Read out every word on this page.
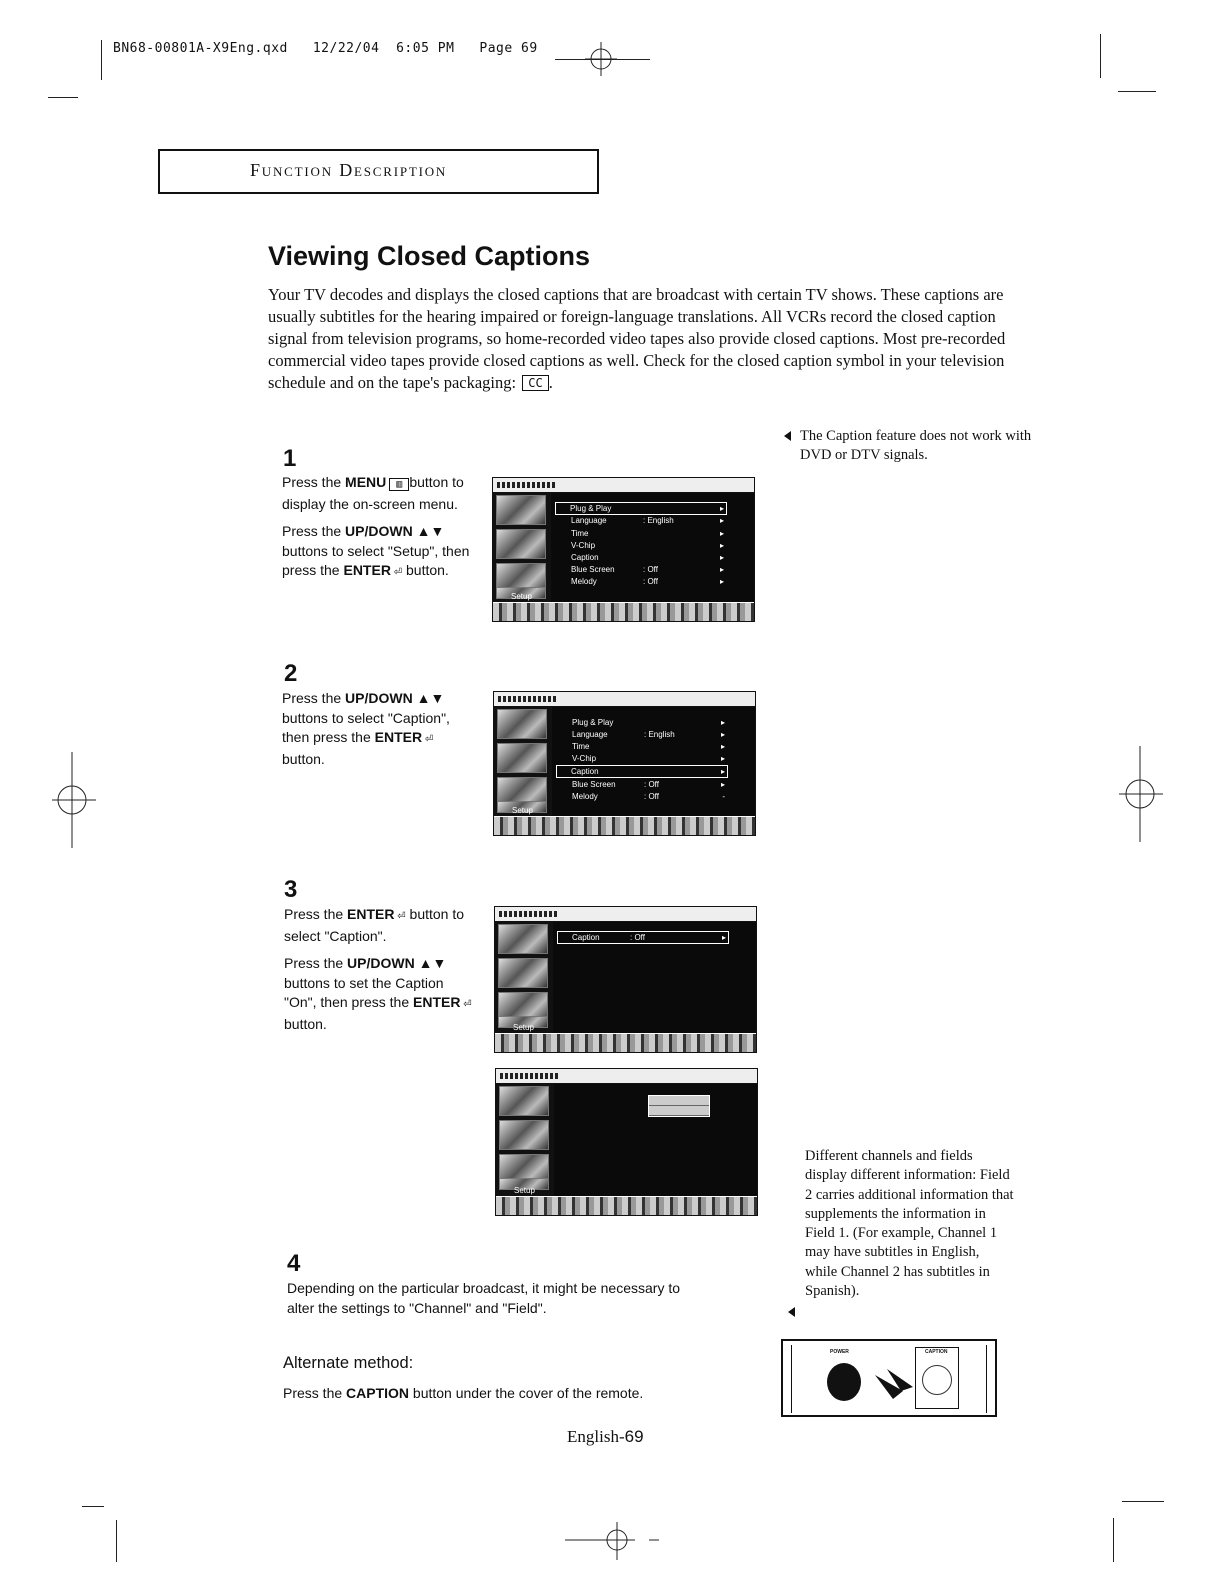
BN68-00801A-X9Eng.qxd   12/22/04  6:05 PM   Page 69
Function Description
Viewing Closed Captions
Your TV decodes and displays the closed captions that are broadcast with certain TV shows. These captions are usually subtitles for the hearing impaired or foreign-language translations. All VCRs record the closed caption signal from television programs, so home-recorded video tapes also provide closed captions. Most pre-recorded commercial video tapes provide closed captions as well. Check for the closed caption symbol in your television schedule and on the tape's packaging: CC .
The Caption feature does not work with DVD or DTV signals.
Different channels and fields display different information: Field 2 carries additional information that supplements the information in Field 1. (For example, Channel 1 may have subtitles in English, while Channel 2 has subtitles in Spanish).
1

Press the MENU ▥ button to display the on-screen menu.

Press the UP/DOWN ▲▼ buttons to select "Setup", then press the ENTER ⏎ button.

Setup
Plug & Play	▸
Language	: English	▸
Time	▸
V-Chip	▸
Caption	▸
Blue Screen	: Off	▸
Melody	: Off	▸
2

Press the UP/DOWN ▲▼ buttons to select "Caption", then press the ENTER ⏎ button.

Setup
Plug & Play	▸
Language	: English	▸
Time	▸
V-Chip	▸
Caption	▸
Blue Screen	: Off	▸
Melody	: Off	-
3

Press the ENTER ⏎ button to select "Caption".

Press the UP/DOWN ▲▼ buttons to set the Caption "On", then press the ENTER ⏎ button.	Setup
Caption	: Off	▸
Setup
4
Depending on the particular broadcast, it might be necessary to alter the settings to "Channel" and "Field".
Alternate method:
Press the CAPTION button under the cover of the remote.
POWER	CAPTION
English-69
